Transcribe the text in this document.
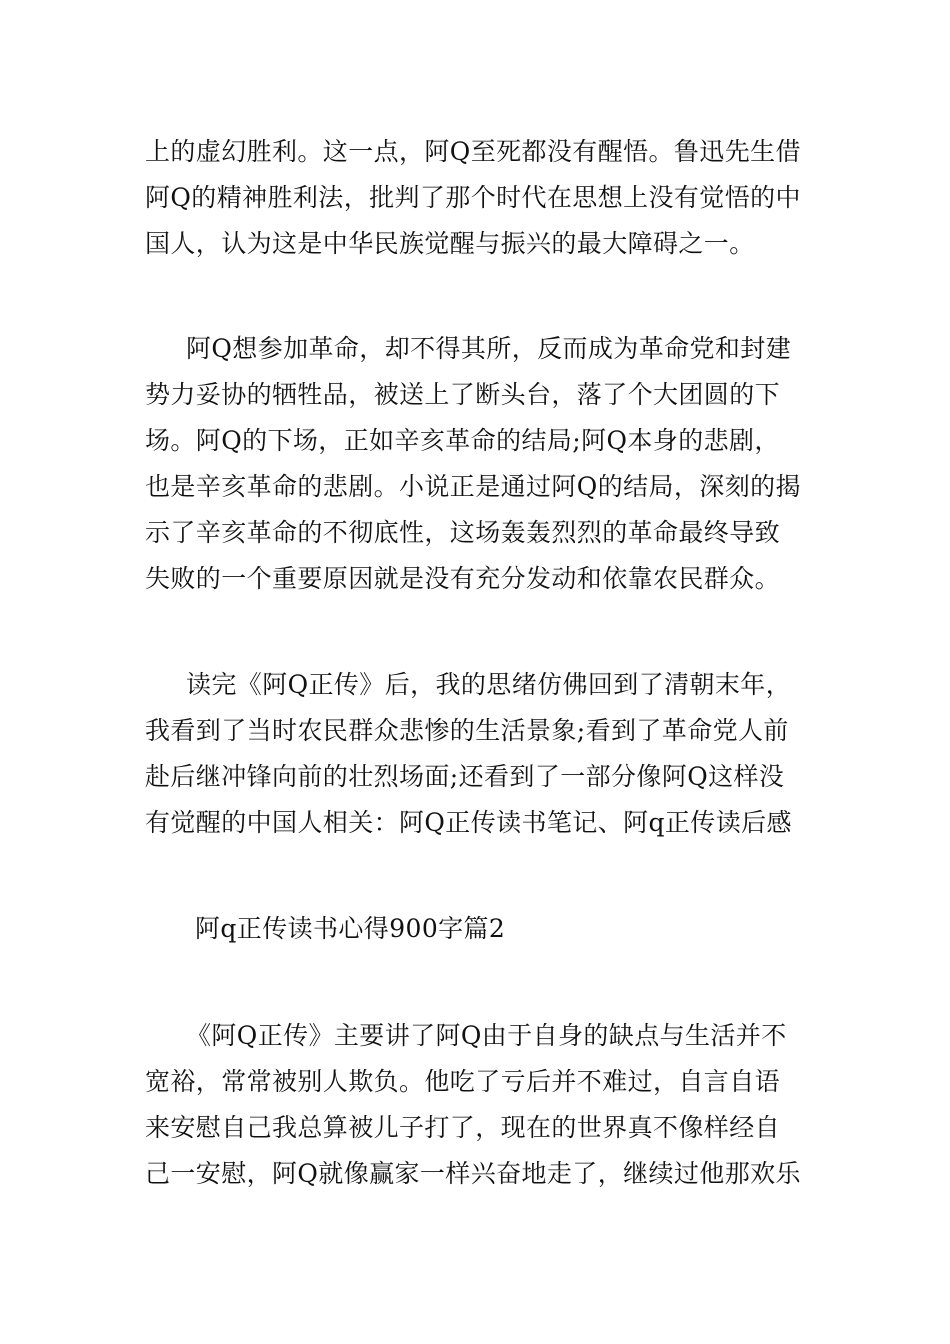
上的虚幻胜利。这一点，阿Q至死都没有醒悟。鲁迅先生借
阿Q的精神胜利法，批判了那个时代在思想上没有觉悟的中
国人，认为这是中华民族觉醒与振兴的最大障碍之一。
阿Q想参加革命，却不得其所，反而成为革命党和封建
势力妥协的牺牲品，被送上了断头台，落了个大团圆的下
场。阿Q的下场，正如辛亥革命的结局;阿Q本身的悲剧，
也是辛亥革命的悲剧。小说正是通过阿Q的结局，深刻的揭
示了辛亥革命的不彻底性，这场轰轰烈烈的革命最终导致
失败的一个重要原因就是没有充分发动和依靠农民群众。
读完《阿Q正传》后，我的思绪仿佛回到了清朝末年，
我看到了当时农民群众悲惨的生活景象;看到了革命党人前
赴后继冲锋向前的壮烈场面;还看到了一部分像阿Q这样没
有觉醒的中国人相关：阿Q正传读书笔记、阿q正传读后感
阿q正传读书心得900字篇2
《阿Q正传》主要讲了阿Q由于自身的缺点与生活并不
宽裕，常常被别人欺负。他吃了亏后并不难过，自言自语
来安慰自己我总算被儿子打了，现在的世界真不像样经自
己一安慰，阿Q就像赢家一样兴奋地走了，继续过他那欢乐
